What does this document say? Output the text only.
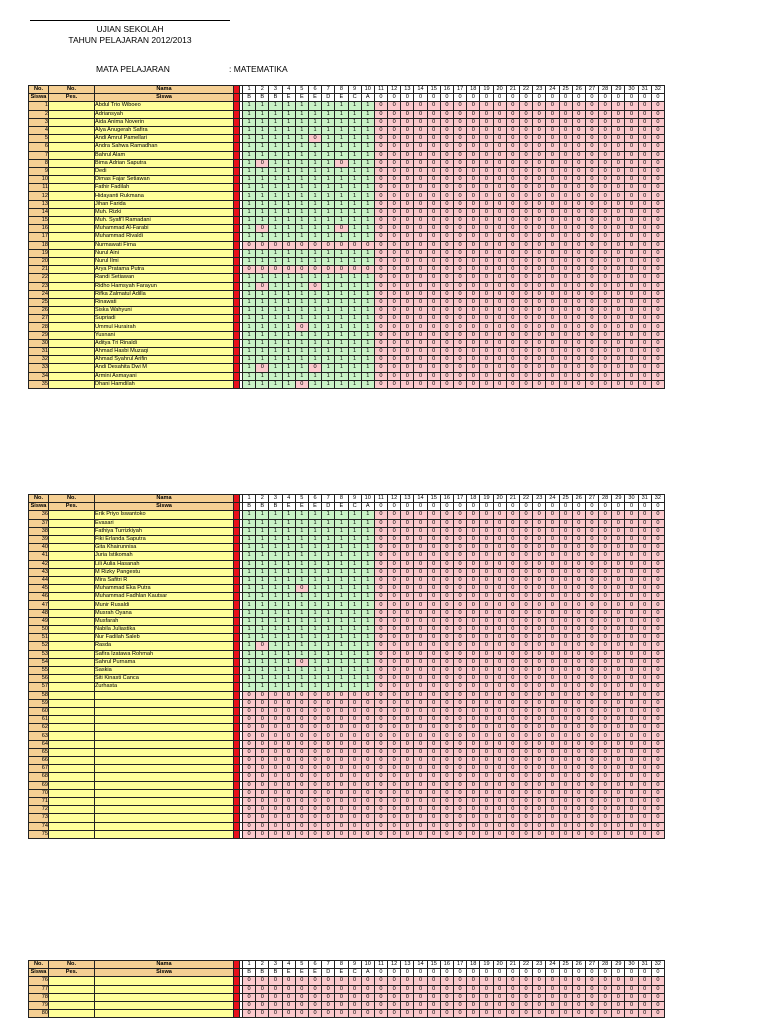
UJIAN SEKOLAH
TAHUN PELAJARAN 2012/2013
MATA PELAJARAN	: MATEMATIKA
No.	No.	Nama			1	2	3	4	5	6	7	8	9	10	11	12	13	14	15	16	17	18	19	20	21	22	23	24	25	26	27	28	29	30	31	32
Siswa	Pes.	Siswa			B	B	B	E	E	E	D	E	C	A	0	0	0	0	0	0	0	0	0	0	0	0	0	0	0	0	0	0	0	0	0	0
1		Abdul Trio Wiboeo			1	1	1	1	1	1	1	1	1	1	0	0	0	0	0	0	0	0	0	0	0	0	0	0	0	0	0	0	0	0	0	0
2		Adriansyah			1	1	1	1	1	1	1	1	1	1	0	0	0	0	0	0	0	0	0	0	0	0	0	0	0	0	0	0	0	0	0	0
3		Aida Anima Noverin			1	1	1	1	1	1	1	1	1	1	0	0	0	0	0	0	0	0	0	0	0	0	0	0	0	0	0	0	0	0	0	0
4		Alya Anugerah Safira			1	1	1	1	1	1	1	1	1	1	0	0	0	0	0	0	0	0	0	0	0	0	0	0	0	0	0	0	0	0	0	0
5		Andi Amrul Pamellari			1	1	1	1	1	0	1	1	1	1	0	0	0	0	0	0	0	0	0	0	0	0	0	0	0	0	0	0	0	0	0	0
6		Andra Sahwa Ramadhan			1	1	1	1	1	1	1	1	1	1	0	0	0	0	0	0	0	0	0	0	0	0	0	0	0	0	0	0	0	0	0	0
7		Bahrul Alam			1	1	1	1	1	1	1	1	1	1	0	0	0	0	0	0	0	0	0	0	0	0	0	0	0	0	0	0	0	0	0	0
8		Bima Adrian Saputra			1	0	1	1	1	1	1	0	1	1	0	0	0	0	0	0	0	0	0	0	0	0	0	0	0	0	0	0	0	0	0	0
9		Dedi			1	1	1	1	1	1	1	1	1	1	0	0	0	0	0	0	0	0	0	0	0	0	0	0	0	0	0	0	0	0	0	0
10		Dimas Fajar Setiawan			1	1	1	1	1	1	1	1	1	1	0	0	0	0	0	0	0	0	0	0	0	0	0	0	0	0	0	0	0	0	0	0
11		Fathir Fadilah			1	1	1	1	1	1	1	1	1	1	0	0	0	0	0	0	0	0	0	0	0	0	0	0	0	0	0	0	0	0	0	0
12		Hidayanti Rukmana			1	1	1	1	1	1	1	1	1	1	0	0	0	0	0	0	0	0	0	0	0	0	0	0	0	0	0	0	0	0	0	0
13		Jihan Farida			1	1	1	1	1	1	1	1	1	1	0	0	0	0	0	0	0	0	0	0	0	0	0	0	0	0	0	0	0	0	0	0
14		Muh. Rizki			1	1	1	1	1	1	1	1	1	1	0	0	0	0	0	0	0	0	0	0	0	0	0	0	0	0	0	0	0	0	0	0
15		Muh. Syafi'l Ramadani			1	1	1	1	1	1	1	1	1	1	0	0	0	0	0	0	0	0	0	0	0	0	0	0	0	0	0	0	0	0	0	0
16		Muhammad Al-Farabi			1	0	1	1	1	1	1	0	1	1	0	0	0	0	0	0	0	0	0	0	0	0	0	0	0	0	0	0	0	0	0	0
17		Muhammad Rivaldi			1	1	1	1	1	1	1	1	1	1	0	0	0	0	0	0	0	0	0	0	0	0	0	0	0	0	0	0	0	0	0	0
18		Nurmawati Firna			0	0	0	0	0	0	0	0	0	0	0	0	0	0	0	0	0	0	0	0	0	0	0	0	0	0	0	0	0	0	0	0
19		Nurul Aini			1	1	1	1	1	1	1	1	1	1	0	0	0	0	0	0	0	0	0	0	0	0	0	0	0	0	0	0	0	0	0	0
20		Nurul Ilmi			1	1	1	1	1	1	1	1	1	1	0	0	0	0	0	0	0	0	0	0	0	0	0	0	0	0	0	0	0	0	0	0
21		Arya Pratama Putra			0	0	0	0	0	0	0	0	0	0	0	0	0	0	0	0	0	0	0	0	0	0	0	0	0	0	0	0	0	0	0	0
22		Randi Setiawan			1	1	1	1	1	1	1	1	1	1	0	0	0	0	0	0	0	0	0	0	0	0	0	0	0	0	0	0	0	0	0	0
23		Ridho Hamsyah Farayun			1	0	1	1	1	0	1	1	1	1	0	0	0	0	0	0	0	0	0	0	0	0	0	0	0	0	0	0	0	0	0	0
24		Rifka Zalmatul Adilla			1	1	1	1	1	1	1	1	1	1	0	0	0	0	0	0	0	0	0	0	0	0	0	0	0	0	0	0	0	0	0	0
25		Rinawati			1	1	1	1	1	1	1	1	1	1	0	0	0	0	0	0	0	0	0	0	0	0	0	0	0	0	0	0	0	0	0	0
26		Siska Wahyuni			1	1	1	1	1	1	1	1	1	1	0	0	0	0	0	0	0	0	0	0	0	0	0	0	0	0	0	0	0	0	0	0
27		Supriadi			1	1	1	1	1	1	1	1	1	1	0	0	0	0	0	0	0	0	0	0	0	0	0	0	0	0	0	0	0	0	0	0
28		Ummul Hurairah			1	1	1	1	0	1	1	1	1	1	0	0	0	0	0	0	0	0	0	0	0	0	0	0	0	0	0	0	0	0	0	0
29		Yusnani			1	1	1	1	1	1	1	1	1	1	0	0	0	0	0	0	0	0	0	0	0	0	0	0	0	0	0	0	0	0	0	0
30		Aditya Tri Rinaldi			1	1	1	1	1	1	1	1	1	1	0	0	0	0	0	0	0	0	0	0	0	0	0	0	0	0	0	0	0	0	0	0
31		Ahmad Hasbi Muzaqi			1	1	1	1	1	1	1	1	1	1	0	0	0	0	0	0	0	0	0	0	0	0	0	0	0	0	0	0	0	0	0	0
32		Ahmad Syahrul Arifin			1	1	1	1	1	1	1	1	1	1	0	0	0	0	0	0	0	0	0	0	0	0	0	0	0	0	0	0	0	0	0	0
33		Andi Desahita Dwi M			1	0	1	1	1	0	1	1	1	1	0	0	0	0	0	0	0	0	0	0	0	0	0	0	0	0	0	0	0	0	0	0
34		Armini Asmayani			1	1	1	1	1	1	1	1	1	1	0	0	0	0	0	0	0	0	0	0	0	0	0	0	0	0	0	0	0	0	0	0
35		Dhani Hamdilah			1	1	1	1	0	1	1	1	1	1	0	0	0	0	0	0	0	0	0	0	0	0	0	0	0	0	0	0	0	0	0	0
No.	No.	Nama			1	2	3	4	5	6	7	8	9	10	11	12	13	14	15	16	17	18	19	20	21	22	23	24	25	26	27	28	29	30	31	32
Siswa	Pes.	Siswa			B	B	B	E	E	E	D	E	C	A	0	0	0	0	0	0	0	0	0	0	0	0	0	0	0	0	0	0	0	0	0	0
36		Erik Priyo Iswantoko			1	1	1	1	1	1	1	1	1	1	0	0	0	0	0	0	0	0	0	0	0	0	0	0	0	0	0	0	0	0	0	0
37		Evasari			1	1	1	1	1	1	1	1	1	1	0	0	0	0	0	0	0	0	0	0	0	0	0	0	0	0	0	0	0	0	0	0
38		Fathiya Turrizkiyah			1	1	1	1	1	1	1	1	1	1	0	0	0	0	0	0	0	0	0	0	0	0	0	0	0	0	0	0	0	0	0	0
39		Fiki Erlanda Saputra			1	1	1	1	1	1	1	1	1	1	0	0	0	0	0	0	0	0	0	0	0	0	0	0	0	0	0	0	0	0	0	0
40		Gita Khairunnisa			1	1	1	1	1	1	1	1	1	1	0	0	0	0	0	0	0	0	0	0	0	0	0	0	0	0	0	0	0	0	0	0
41		Juria Istikomah			1	1	1	1	1	1	1	1	1	1	0	0	0	0	0	0	0	0	0	0	0	0	0	0	0	0	0	0	0	0	0	0
42		Lili Aulia Hasanah			1	1	1	1	1	1	1	1	1	1	0	0	0	0	0	0	0	0	0	0	0	0	0	0	0	0	0	0	0	0	0	0
43		M Rizky Pangestu			1	1	1	1	1	1	1	1	1	1	0	0	0	0	0	0	0	0	0	0	0	0	0	0	0	0	0	0	0	0	0	0
44		Mira Safitri R			1	1	1	1	1	1	1	1	1	1	0	0	0	0	0	0	0	0	0	0	0	0	0	0	0	0	0	0	0	0	0	0
45		Muhammad Eka Putra			1	1	1	1	0	1	1	1	1	1	0	0	0	0	0	0	0	0	0	0	0	0	0	0	0	0	0	0	0	0	0	0
46		Muhammad Fadhlan Kautsar			1	1	1	1	1	1	1	1	1	1	0	0	0	0	0	0	0	0	0	0	0	0	0	0	0	0	0	0	0	0	0	0
47		Munir Rusaldi			1	1	1	1	1	1	1	1	1	1	0	0	0	0	0	0	0	0	0	0	0	0	0	0	0	0	0	0	0	0	0	0
48		Musrah Oyana			1	1	1	1	1	1	1	1	1	1	0	0	0	0	0	0	0	0	0	0	0	0	0	0	0	0	0	0	0	0	0	0
49		Musfarah			1	1	1	1	1	1	1	1	1	1	0	0	0	0	0	0	0	0	0	0	0	0	0	0	0	0	0	0	0	0	0	0
50		Nabila Juliastika			1	1	1	1	1	1	1	1	1	1	0	0	0	0	0	0	0	0	0	0	0	0	0	0	0	0	0	0	0	0	0	0
51		Nur Fadilah Saleb			1	1	1	1	1	1	1	1	1	1	0	0	0	0	0	0	0	0	0	0	0	0	0	0	0	0	0	0	0	0	0	0
52		Rasda			1	0	1	1	1	1	1	1	1	1	0	0	0	0	0	0	0	0	0	0	0	0	0	0	0	0	0	0	0	0	0	0
53		Safira Izatawa Rohmah			1	1	1	1	1	1	1	1	1	1	0	0	0	0	0	0	0	0	0	0	0	0	0	0	0	0	0	0	0	0	0	0
54		Sahrul Purnama			1	1	1	1	0	1	1	1	1	1	0	0	0	0	0	0	0	0	0	0	0	0	0	0	0	0	0	0	0	0	0	0
55		Saskia			1	1	1	1	1	1	1	1	1	1	0	0	0	0	0	0	0	0	0	0	0	0	0	0	0	0	0	0	0	0	0	0
56		Siti Kinasti Canca			1	1	1	1	1	1	1	1	1	1	0	0	0	0	0	0	0	0	0	0	0	0	0	0	0	0	0	0	0	0	0	0
57		Zurhasta			1	1	1	1	1	1	1	1	1	1	0	0	0	0	0	0	0	0	0	0	0	0	0	0	0	0	0	0	0	0	0	0
58					0	0	0	0	0	0	0	0	0	0	0	0	0	0	0	0	0	0	0	0	0	0	0	0	0	0	0	0	0	0	0	0
59					0	0	0	0	0	0	0	0	0	0	0	0	0	0	0	0	0	0	0	0	0	0	0	0	0	0	0	0	0	0	0	0
60					0	0	0	0	0	0	0	0	0	0	0	0	0	0	0	0	0	0	0	0	0	0	0	0	0	0	0	0	0	0	0	0
61					0	0	0	0	0	0	0	0	0	0	0	0	0	0	0	0	0	0	0	0	0	0	0	0	0	0	0	0	0	0	0	0
62					0	0	0	0	0	0	0	0	0	0	0	0	0	0	0	0	0	0	0	0	0	0	0	0	0	0	0	0	0	0	0	0
63					0	0	0	0	0	0	0	0	0	0	0	0	0	0	0	0	0	0	0	0	0	0	0	0	0	0	0	0	0	0	0	0
64					0	0	0	0	0	0	0	0	0	0	0	0	0	0	0	0	0	0	0	0	0	0	0	0	0	0	0	0	0	0	0	0
65					0	0	0	0	0	0	0	0	0	0	0	0	0	0	0	0	0	0	0	0	0	0	0	0	0	0	0	0	0	0	0	0
66					0	0	0	0	0	0	0	0	0	0	0	0	0	0	0	0	0	0	0	0	0	0	0	0	0	0	0	0	0	0	0	0
67					0	0	0	0	0	0	0	0	0	0	0	0	0	0	0	0	0	0	0	0	0	0	0	0	0	0	0	0	0	0	0	0
68					0	0	0	0	0	0	0	0	0	0	0	0	0	0	0	0	0	0	0	0	0	0	0	0	0	0	0	0	0	0	0	0
69					0	0	0	0	0	0	0	0	0	0	0	0	0	0	0	0	0	0	0	0	0	0	0	0	0	0	0	0	0	0	0	0
70					0	0	0	0	0	0	0	0	0	0	0	0	0	0	0	0	0	0	0	0	0	0	0	0	0	0	0	0	0	0	0	0
71					0	0	0	0	0	0	0	0	0	0	0	0	0	0	0	0	0	0	0	0	0	0	0	0	0	0	0	0	0	0	0	0
72					0	0	0	0	0	0	0	0	0	0	0	0	0	0	0	0	0	0	0	0	0	0	0	0	0	0	0	0	0	0	0	0
73					0	0	0	0	0	0	0	0	0	0	0	0	0	0	0	0	0	0	0	0	0	0	0	0	0	0	0	0	0	0	0	0
74					0	0	0	0	0	0	0	0	0	0	0	0	0	0	0	0	0	0	0	0	0	0	0	0	0	0	0	0	0	0	0	0
75					0	0	0	0	0	0	0	0	0	0	0	0	0	0	0	0	0	0	0	0	0	0	0	0	0	0	0	0	0	0	0	0
No.	No.	Nama			1	2	3	4	5	6	7	8	9	10	11	12	13	14	15	16	17	18	19	20	21	22	23	24	25	26	27	28	29	30	31	32
Siswa	Pes.	Siswa			B	B	B	E	E	E	D	E	C	A	0	0	0	0	0	0	0	0	0	0	0	0	0	0	0	0	0	0	0	0	0	0
76					0	0	0	0	0	0	0	0	0	0	0	0	0	0	0	0	0	0	0	0	0	0	0	0	0	0	0	0	0	0	0	0
77					0	0	0	0	0	0	0	0	0	0	0	0	0	0	0	0	0	0	0	0	0	0	0	0	0	0	0	0	0	0	0	0
78					0	0	0	0	0	0	0	0	0	0	0	0	0	0	0	0	0	0	0	0	0	0	0	0	0	0	0	0	0	0	0	0
79					0	0	0	0	0	0	0	0	0	0	0	0	0	0	0	0	0	0	0	0	0	0	0	0	0	0	0	0	0	0	0	0
80					0	0	0	0	0	0	0	0	0	0	0	0	0	0	0	0	0	0	0	0	0	0	0	0	0	0	0	0	0	0	0	0
